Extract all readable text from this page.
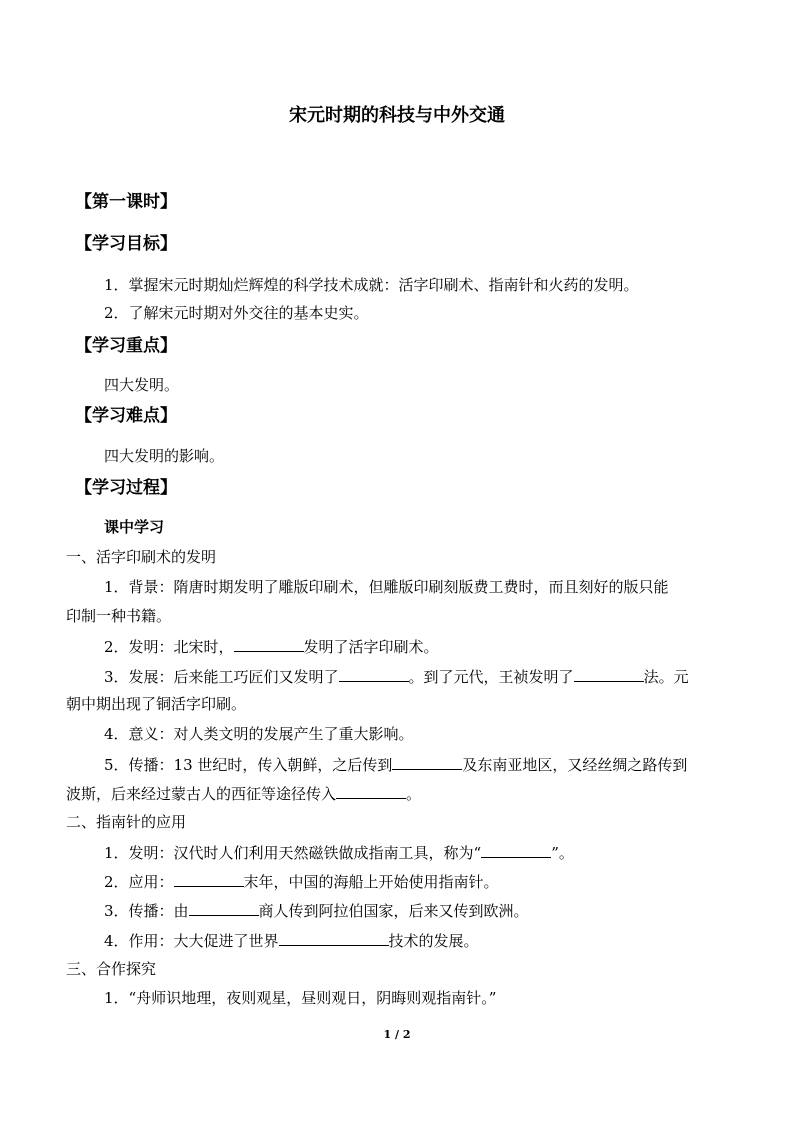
宋元时期的科技与中外交通
【第一课时】
【学习目标】
1．掌握宋元时期灿烂辉煌的科学技术成就：活字印刷术、指南针和火药的发明。
2．了解宋元时期对外交往的基本史实。
【学习重点】
四大发明。
【学习难点】
四大发明的影响。
【学习过程】
课中学习
一、活字印刷术的发明
1．背景：隋唐时期发明了雕版印刷术，但雕版印刷刻版费工费时，而且刻好的版只能
印制一种书籍。
2．发明：北宋时，	发明了活字印刷术。
3．发展：后来能工巧匠们又发明了	。到了元代，王祯发明了	法。元
朝中期出现了铜活字印刷。
4．意义：对人类文明的发展产生了重大影响。
5．传播：13 世纪时，传入朝鲜，之后传到	及东南亚地区，又经丝绸之路传到
波斯，后来经过蒙古人的西征等途径传入	。
二、指南针的应用
1．发明：汉代时人们利用天然磁铁做成指南工具，称为“	”。
2．应用：	末年，中国的海船上开始使用指南针。
3．传播：由	商人传到阿拉伯国家，后来又传到欧洲。
4．作用：大大促进了世界	技术的发展。
三、合作探究
1．“舟师识地理，夜则观星，昼则观日，阴晦则观指南针。”
1 / 2
